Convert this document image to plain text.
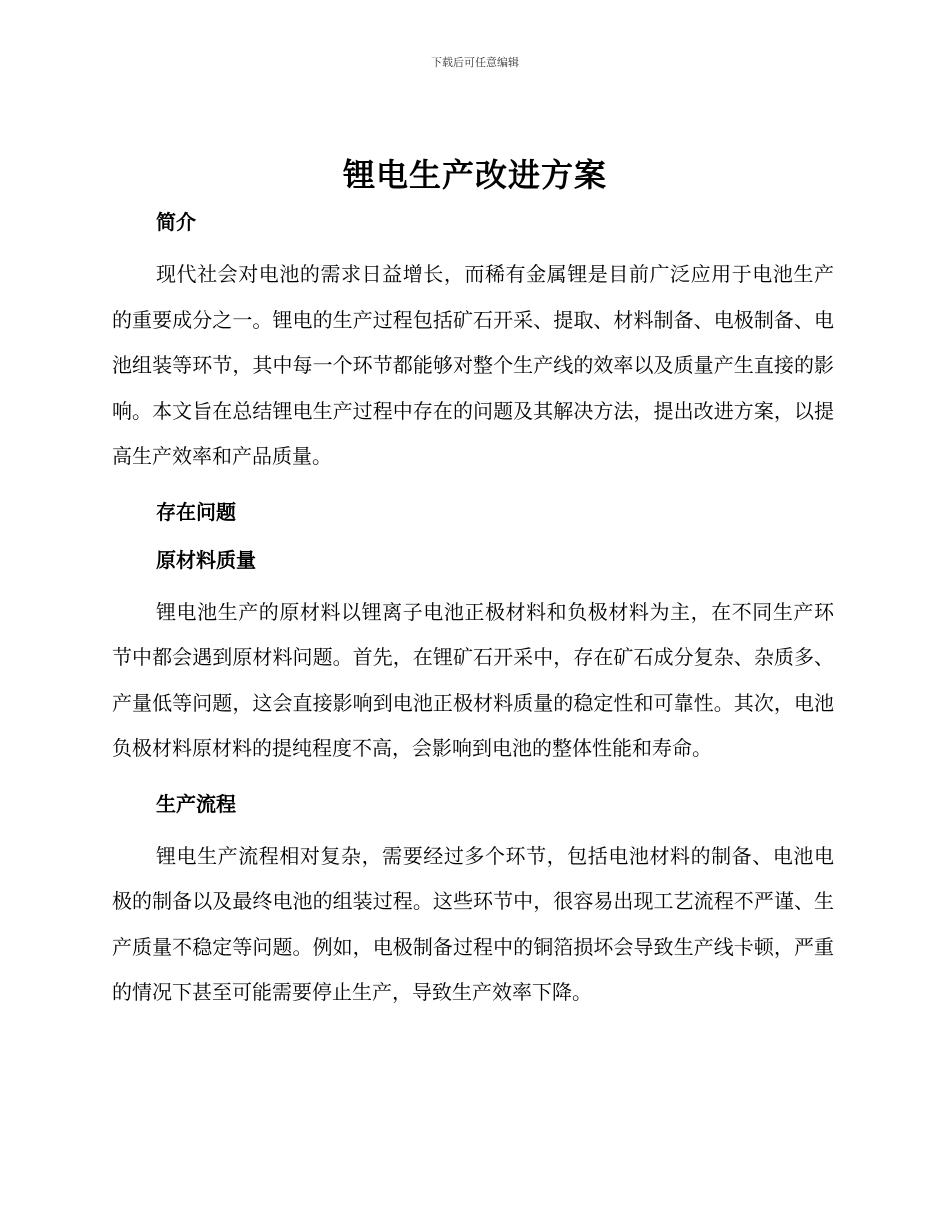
下载后可任意编辑
锂电生产改进方案
简介

现代社会对电池的需求日益增长，而稀有金属锂是目前广泛应用于电池生产的重要成分之一。锂电的生产过程包括矿石开采、提取、材料制备、电极制备、电池组装等环节，其中每一个环节都能够对整个生产线的效率以及质量产生直接的影响。本文旨在总结锂电生产过程中存在的问题及其解决方法，提出改进方案，以提高生产效率和产品质量。

存在问题
原材料质量

锂电池生产的原材料以锂离子电池正极材料和负极材料为主，在不同生产环节中都会遇到原材料问题。首先，在锂矿石开采中，存在矿石成分复杂、杂质多、产量低等问题，这会直接影响到电池正极材料质量的稳定性和可靠性。其次，电池负极材料原材料的提纯程度不高，会影响到电池的整体性能和寿命。

生产流程

锂电生产流程相对复杂，需要经过多个环节，包括电池材料的制备、电池电极的制备以及最终电池的组装过程。这些环节中，很容易出现工艺流程不严谨、生产质量不稳定等问题。例如，电极制备过程中的铜箔损坏会导致生产线卡顿，严重的情况下甚至可能需要停止生产，导致生产效率下降。
